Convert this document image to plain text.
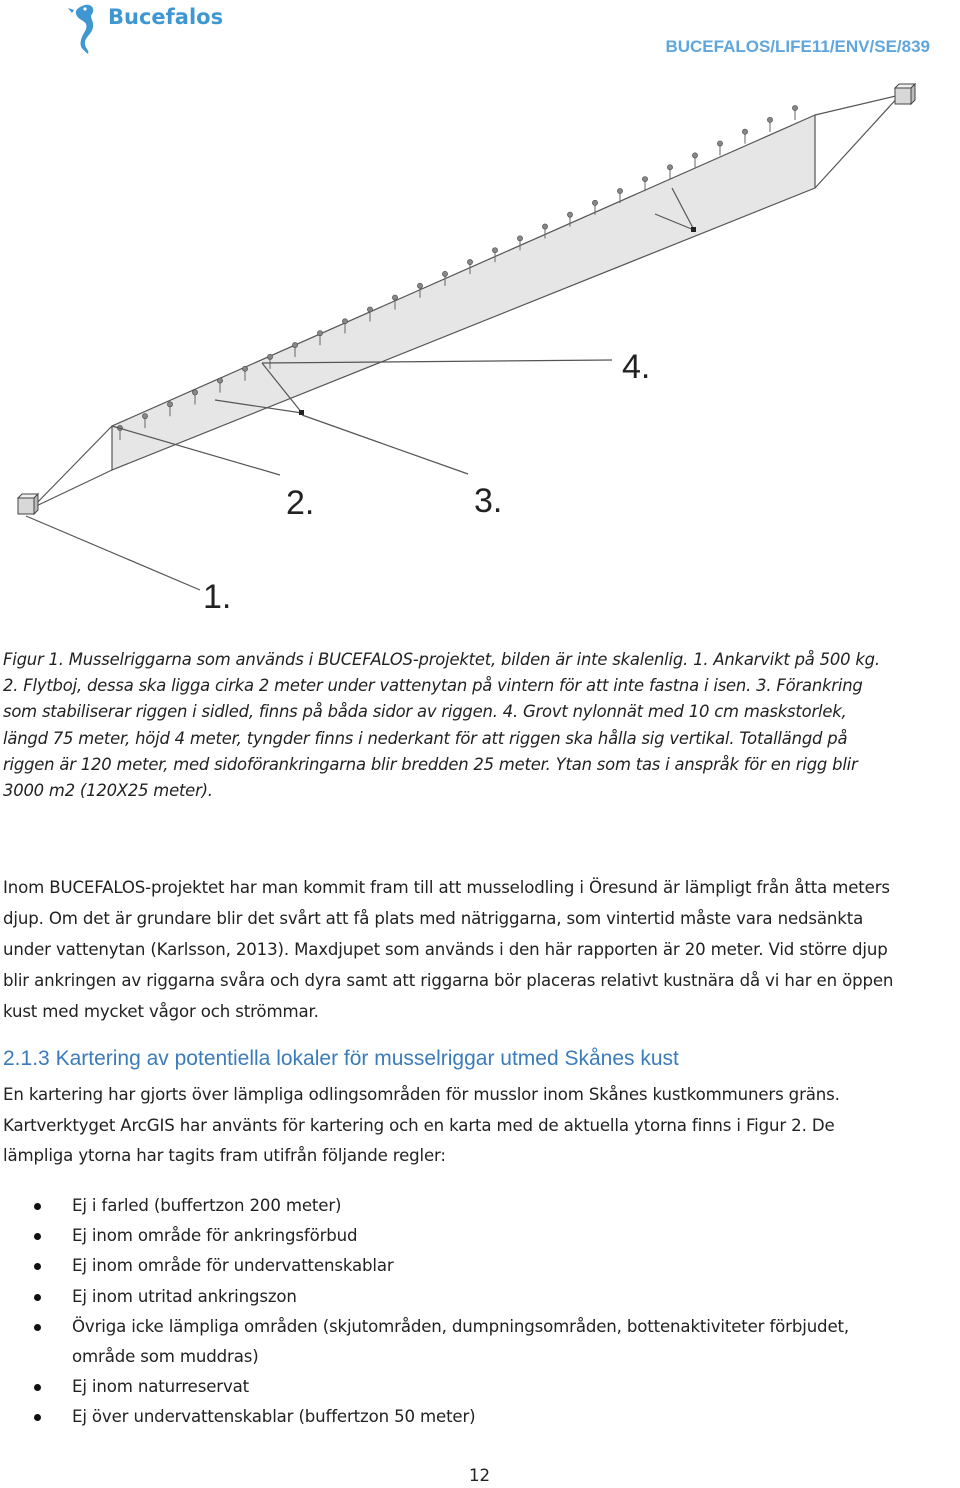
Bucefalos
BUCEFALOS/LIFE11/ENV/SE/839
1.
2.	3.
4.

Figur 1. Musselriggarna som används i BUCEFALOS-projektet, bilden är inte skalenlig. 1. Ankarvikt på 500 kg.

2. Flytboj, dessa ska ligga cirka 2 meter under vattenytan på vintern för att inte fastna i isen. 3. Förankring

som stabiliserar riggen i sidled, finns på båda sidor av riggen. 4. Grovt nylonnät med 10 cm maskstorlek,

längd 75 meter, höjd 4 meter, tyngder finns i nederkant för att riggen ska hålla sig vertikal. Totallängd på

riggen är 120 meter, med sidoförankringarna blir bredden 25 meter. Ytan som tas i anspråk för en rigg blir

3000 m2 (120X25 meter).

Inom BUCEFALOS-projektet har man kommit fram till att musselodling i Öresund är lämpligt från åtta meters
djup. Om det är grundare blir det svårt att få plats med nätriggarna, som vintertid måste vara nedsänkta
under vattenytan (Karlsson, 2013). Maxdjupet som används i den här rapporten är 20 meter. Vid större djup
blir ankringen av riggarna svåra och dyra samt att riggarna bör placeras relativt kustnära då vi har en öppen
kust med mycket vågor och strömmar.
2.1.3 Kartering av potentiella lokaler för musselriggar utmed Skånes kust
En kartering har gjorts över lämpliga odlingsområden för musslor inom Skånes kustkommuners gräns.
Kartverktyget ArcGIS har använts för kartering och en karta med de aktuella ytorna finns i Figur 2. De
lämpliga ytorna har tagits fram utifrån följande regler:
Ej i farled (buffertzon 200 meter)
Ej inom område för ankringsförbud
Ej inom område för undervattenskablar
Ej inom utritad ankringszon
Övriga icke lämpliga områden (skjutområden, dumpningsområden, bottenaktiviteter förbjudet,
område som muddras)
Ej inom naturreservat
Ej över undervattenskablar (buffertzon 50 meter)
12
